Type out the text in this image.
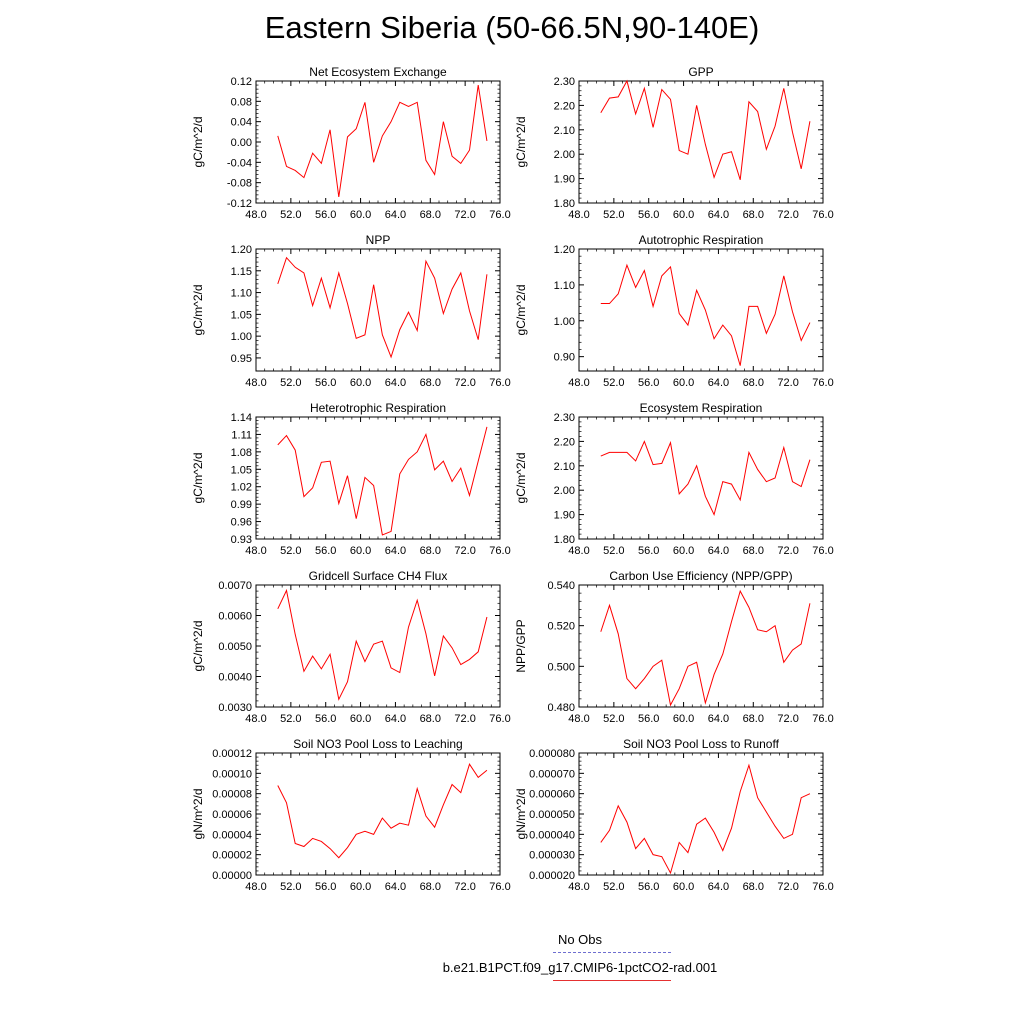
Eastern Siberia (50-66.5N,90-140E)
Net Ecosystem Exchange
gC/m^2/d
48.0 52.0 56.0 60.0 64.0 68.0 72.0 76.0
-0.12
-0.08
-0.04
0.00
0.04
0.08
0.12
GPP
gC/m^2/d
48.0 52.0 56.0 60.0 64.0 68.0 72.0 76.0
1.80
1.90
2.00
2.10
2.20
2.30
NPP
gC/m^2/d
48.0 52.0 56.0 60.0 64.0 68.0 72.0 76.0
0.95
1.00
1.05
1.10
1.15
1.20
Autotrophic Respiration
gC/m^2/d
48.0 52.0 56.0 60.0 64.0 68.0 72.0 76.0
0.90
1.00
1.10
1.20
Heterotrophic Respiration
gC/m^2/d
48.0 52.0 56.0 60.0 64.0 68.0 72.0 76.0
0.93
0.96
0.99
1.02
1.05
1.08
1.11
1.14
Ecosystem Respiration
gC/m^2/d
48.0 52.0 56.0 60.0 64.0 68.0 72.0 76.0
1.80
1.90
2.00
2.10
2.20
2.30
Gridcell Surface CH4 Flux
gC/m^2/d
48.0 52.0 56.0 60.0 64.0 68.0 72.0 76.0
0.0030
0.0040
0.0050
0.0060
0.0070
Carbon Use Efficiency (NPP/GPP)
NPP/GPP
48.0 52.0 56.0 60.0 64.0 68.0 72.0 76.0
0.480
0.500
0.520
0.540
Soil NO3 Pool Loss to Leaching
gN/m^2/d
48.0 52.0 56.0 60.0 64.0 68.0 72.0 76.0
0.00000
0.00002
0.00004
0.00006
0.00008
0.00010
0.00012
Soil NO3 Pool Loss to Runoff
gN/m^2/d
48.0 52.0 56.0 60.0 64.0 68.0 72.0 76.0
0.000020
0.000030
0.000040
0.000050
0.000060
0.000070
0.000080
No Obs
b.e21.B1PCT.f09_g17.CMIP6-1pctCO2-rad.001
